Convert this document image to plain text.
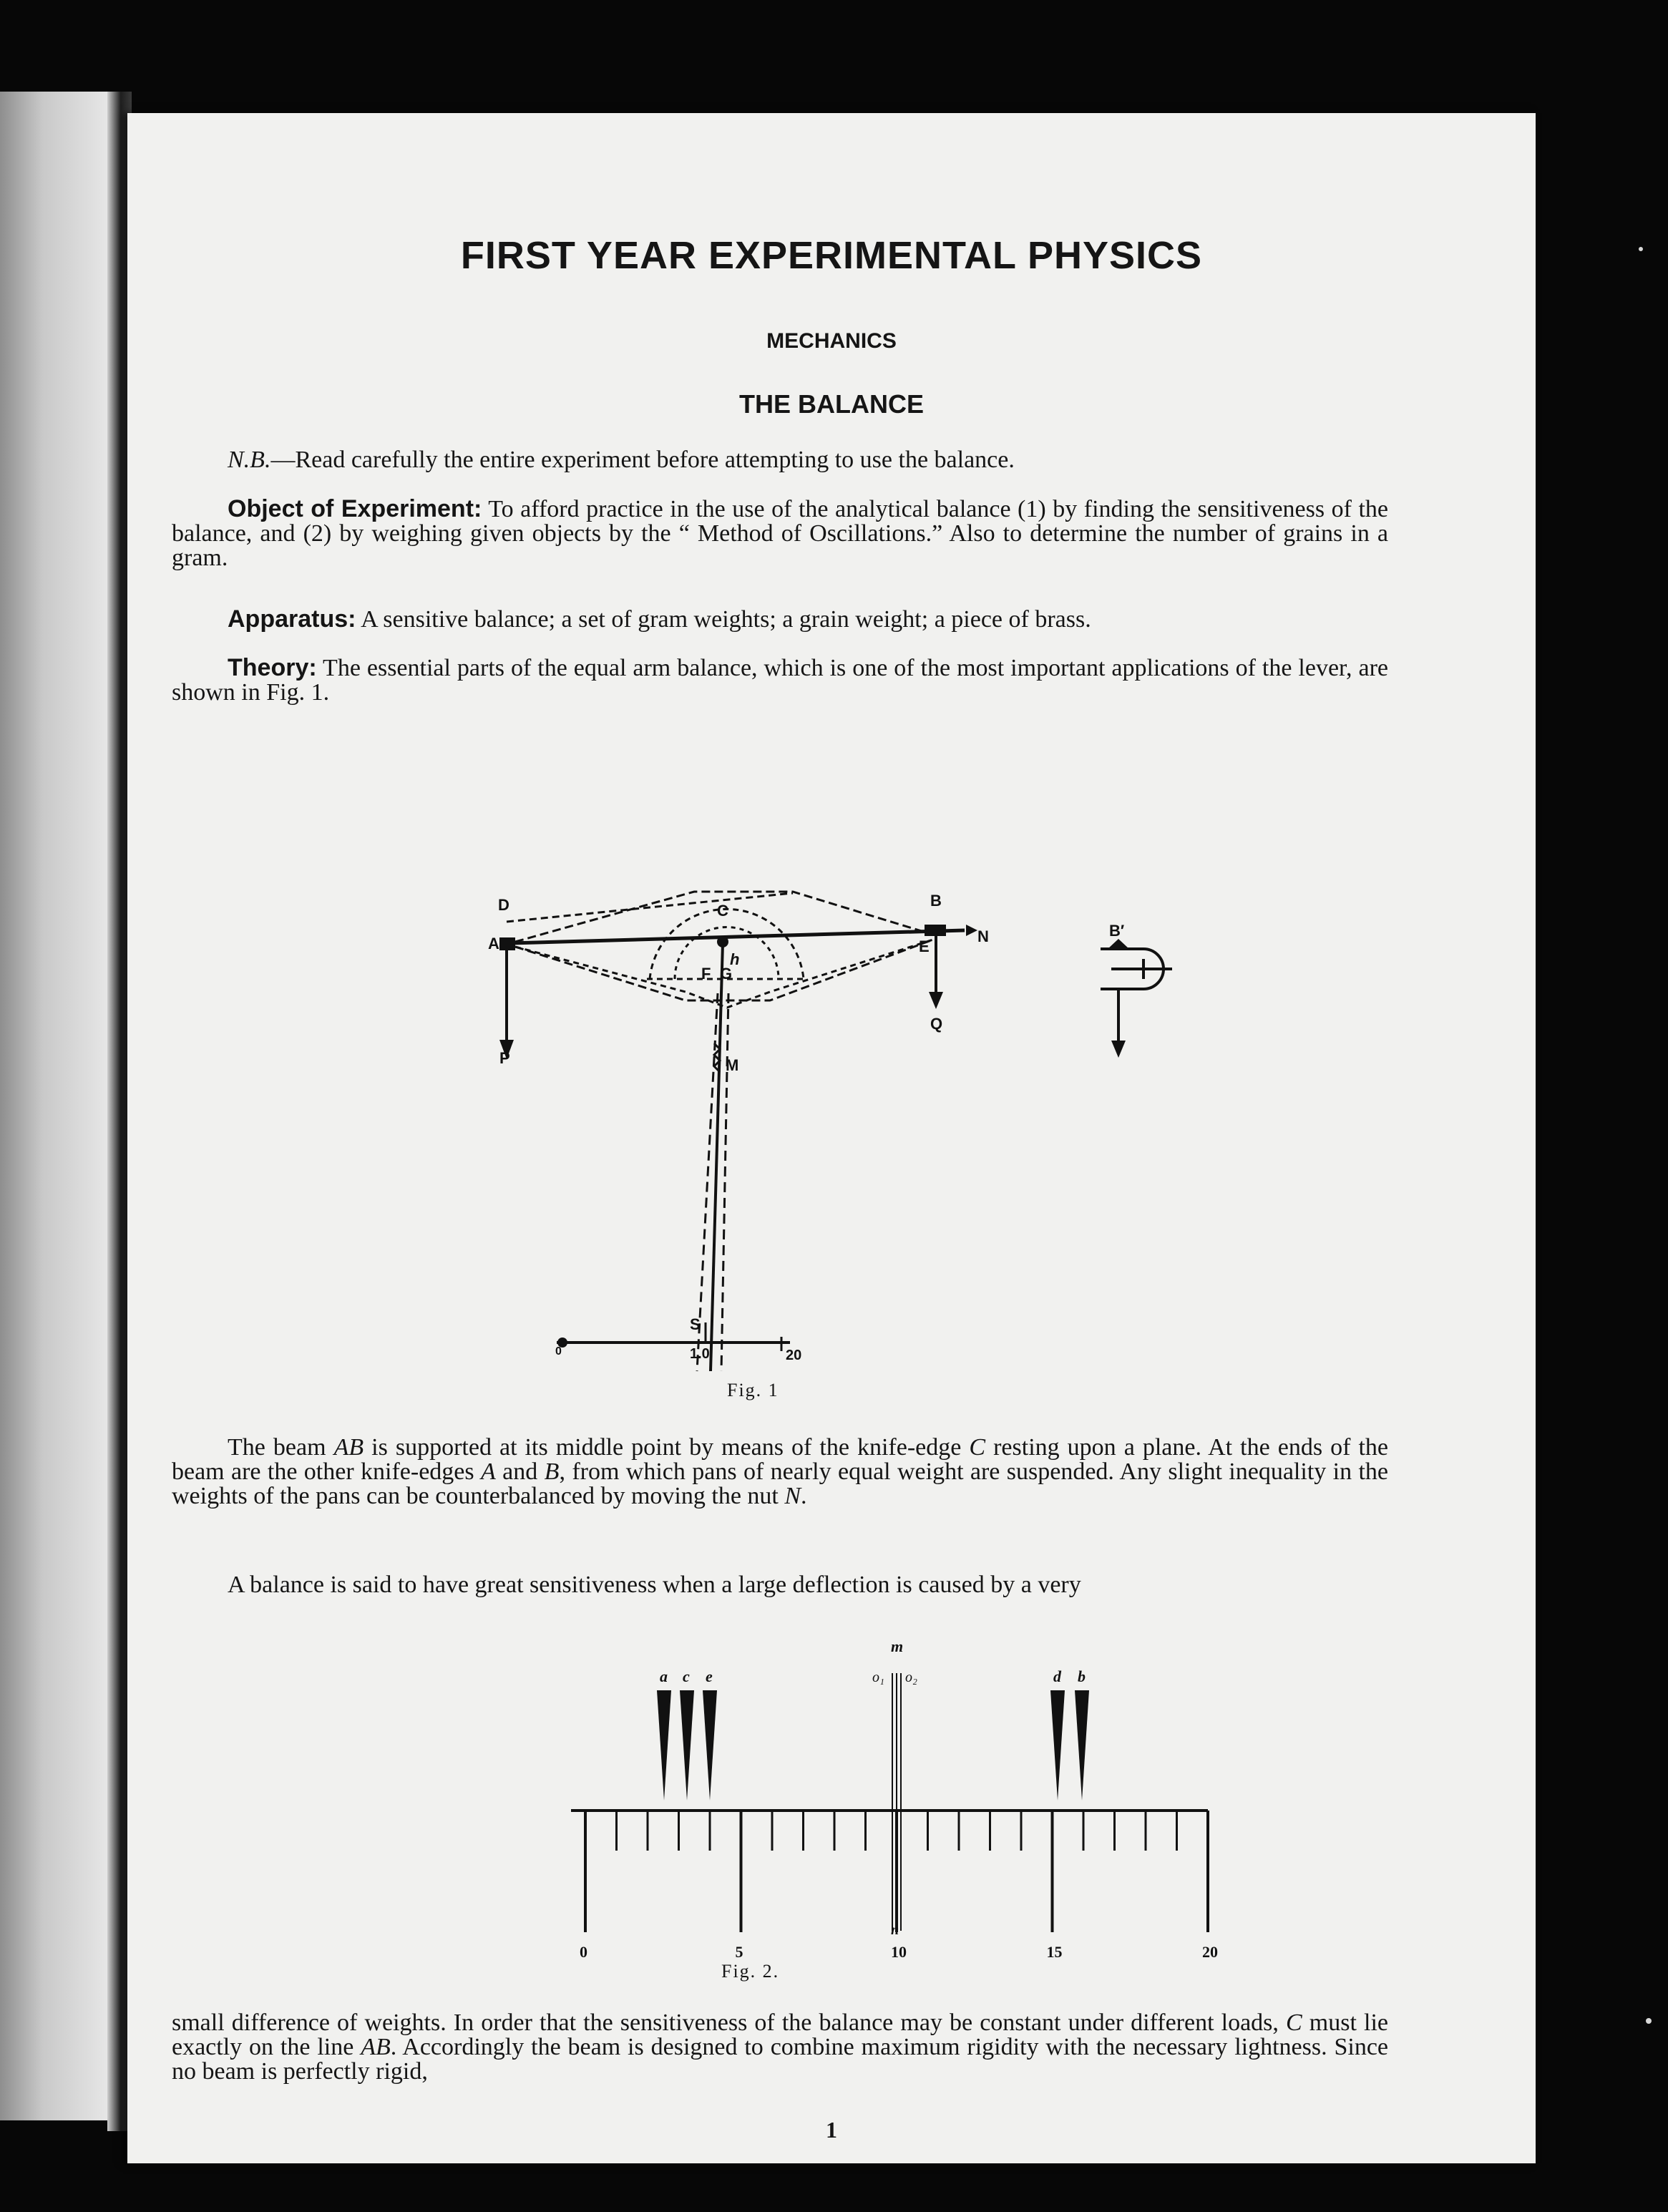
FIRST YEAR EXPERIMENTAL PHYSICS
MECHANICS
THE BALANCE
N.B.—Read carefully the entire experiment before attempting to use the balance.
Object of Experiment: To afford practice in the use of the analytical balance (1) by finding the sensitiveness of the balance, and (2) by weighing given objects by the “ Method of Oscillations.” Also to determine the number of grains in a gram.
Apparatus: A sensitive balance; a set of gram weights; a grain weight; a piece of brass.
Theory: The essential parts of the equal arm balance, which is one of the most important applications of the lever, are shown in Fig. 1.
D	B
C
A	N
E
h
F G
Q
P
B′
M
S
0	1.0	20
Fig. 1
The beam AB is supported at its middle point by means of the knife-edge C resting upon a plane. At the ends of the beam are the other knife-edges A and B, from which pans of nearly equal weight are suspended. Any slight inequality in the weights of the pans can be counterbalanced by moving the nut N.
A balance is said to have great sensitiveness when a large deflection is caused by a very
0	5	10	15	20
a c e	d b
m
o₁ o₂
n
Fig. 2.
small difference of weights. In order that the sensitiveness of the balance may be constant under different loads, C must lie exactly on the line AB. Accordingly the beam is designed to combine maximum rigidity with the necessary lightness. Since no beam is perfectly rigid,
1
